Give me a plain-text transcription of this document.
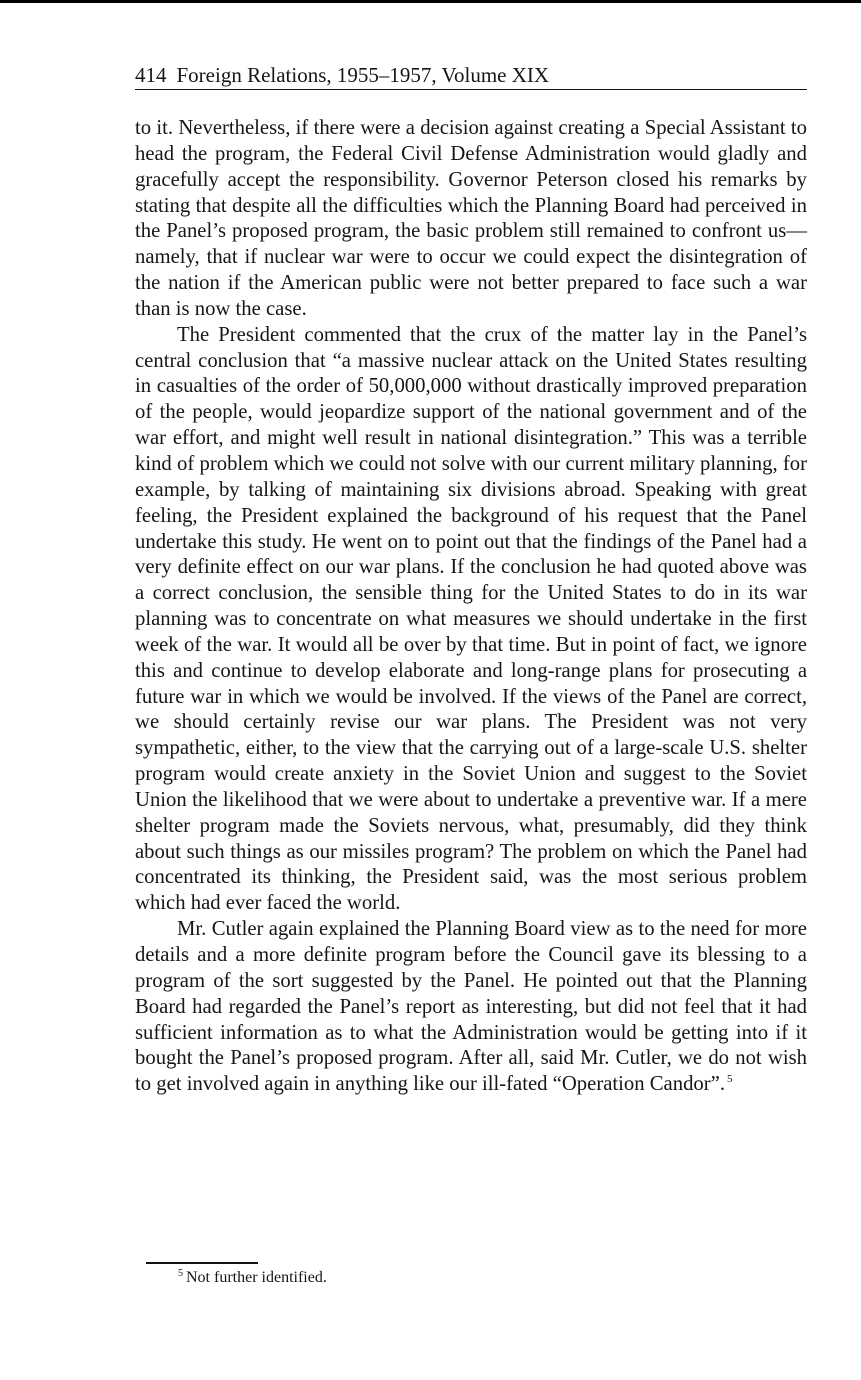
414 Foreign Relations, 1955–1957, Volume XIX

to it. Nevertheless, if there were a decision against creating a Special Assistant to head the program, the Federal Civil Defense Administration would gladly and gracefully accept the responsibility. Governor Peterson closed his remarks by stating that despite all the difficulties which the Planning Board had perceived in the Panel’s proposed program, the basic problem still remained to confront us—namely, that if nuclear war were to occur we could expect the disintegration of the nation if the American public were not better prepared to face such a war than is now the case.

The President commented that the crux of the matter lay in the Panel’s central conclusion that “a massive nuclear attack on the United States resulting in casualties of the order of 50,000,000 without drastically improved preparation of the people, would jeopardize support of the national government and of the war effort, and might well result in national disintegration.” This was a terrible kind of problem which we could not solve with our current military planning, for example, by talking of maintaining six divisions abroad. Speaking with great feeling, the President explained the background of his request that the Panel undertake this study. He went on to point out that the findings of the Panel had a very definite effect on our war plans. If the conclusion he had quoted above was a correct conclusion, the sensible thing for the United States to do in its war planning was to concentrate on what measures we should undertake in the first week of the war. It would all be over by that time. But in point of fact, we ignore this and continue to develop elaborate and long-range plans for prosecuting a future war in which we would be involved. If the views of the Panel are correct, we should certainly revise our war plans. The President was not very sympathetic, either, to the view that the carrying out of a large-scale U.S. shelter program would create anxiety in the Soviet Union and suggest to the Soviet Union the likelihood that we were about to undertake a preventive war. If a mere shelter program made the Soviets nervous, what, presumably, did they think about such things as our missiles program? The problem on which the Panel had concentrated its thinking, the President said, was the most serious problem which had ever faced the world.

Mr. Cutler again explained the Planning Board view as to the need for more details and a more definite program before the Council gave its blessing to a program of the sort suggested by the Panel. He pointed out that the Planning Board had regarded the Panel’s report as interesting, but did not feel that it had sufficient information as to what the Administration would be getting into if it bought the Panel’s proposed program. After all, said Mr. Cutler, we do not wish to get involved again in anything like our ill-fated “Operation Candor”. $^5$

$^5$ Not further identified.
